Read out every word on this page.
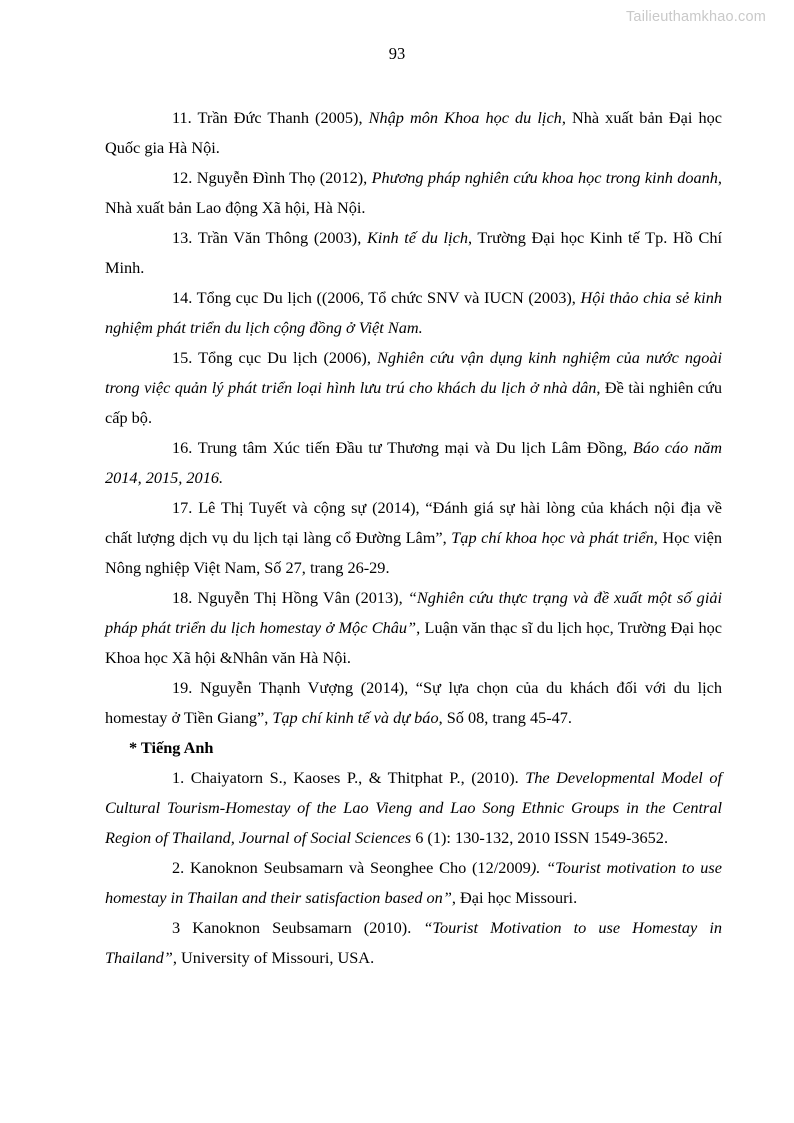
Tailieuthamkhao.com
93

11. Trần Đức Thanh (2005), Nhập môn Khoa học du lịch, Nhà xuất bản Đại học Quốc gia Hà Nội.

12. Nguyễn Đình Thọ (2012), Phương pháp nghiên cứu khoa học trong kinh doanh, Nhà xuất bản Lao động Xã hội, Hà Nội.

13. Trần Văn Thông (2003), Kinh tế du lịch, Trường Đại học Kinh tế Tp. Hồ Chí Minh.

14. Tổng cục Du lịch ((2006, Tổ chức SNV và IUCN (2003), Hội thảo chia sẻ kinh nghiệm phát triển du lịch cộng đồng ở Việt Nam.

15. Tổng cục Du lịch (2006), Nghiên cứu vận dụng kinh nghiệm của nước ngoài trong việc quản lý phát triển loại hình lưu trú cho khách du lịch ở nhà dân, Đề tài nghiên cứu cấp bộ.

16. Trung tâm Xúc tiến Đầu tư Thương mại và Du lịch Lâm Đồng, Báo cáo năm 2014, 2015, 2016.

17. Lê Thị Tuyết và cộng sự (2014), “Đánh giá sự hài lòng của khách nội địa về chất lượng dịch vụ du lịch tại làng cổ Đường Lâm”, Tạp chí khoa học và phát triển, Học viện Nông nghiệp Việt Nam, Số 27, trang 26-29.

18. Nguyễn Thị Hồng Vân (2013), “Nghiên cứu thực trạng và đề xuất một số giải pháp phát triển du lịch homestay ở Mộc Châu”, Luận văn thạc sĩ du lịch học, Trường Đại học Khoa học Xã hội &Nhân văn Hà Nội.

19. Nguyễn Thạnh Vượng (2014), “Sự lựa chọn của du khách đối với du lịch homestay ở Tiền Giang”, Tạp chí kinh tế và dự báo, Số 08, trang 45-47.

* Tiếng Anh

1. Chaiyatorn S., Kaoses P., & Thitphat P., (2010). The Developmental Model of Cultural Tourism-Homestay of the Lao Vieng and Lao Song Ethnic Groups in the Central Region of Thailand, Journal of Social Sciences 6 (1): 130-132, 2010 ISSN 1549-3652.

2. Kanoknon Seubsamarn và Seonghee Cho (12/2009). “Tourist motivation to use homestay in Thailan and their satisfaction based on”, Đại học Missouri.

3 Kanoknon Seubsamarn (2010). “Tourist Motivation to use Homestay in Thailand”, University of Missouri, USA.
